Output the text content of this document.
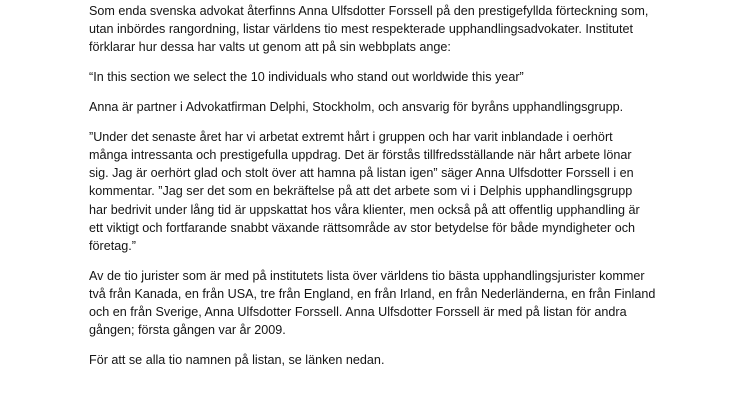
Som enda svenska advokat återfinns Anna Ulfsdotter Forssell på den prestigefyllda förteckning som,
utan inbördes rangordning, listar världens tio mest respekterade upphandlingsadvokater. Institutet
förklarar hur dessa har valts ut genom att på sin webbplats ange:

“In this section we select the 10 individuals who stand out worldwide this year”

Anna är partner i Advokatfirman Delphi, Stockholm, och ansvarig för byråns upphandlingsgrupp.

”Under det senaste året har vi arbetat extremt hårt i gruppen och har varit inblandade i oerhört
många intressanta och prestigefulla uppdrag. Det är förstås tillfredsställande när hårt arbete lönar
sig. Jag är oerhört glad och stolt över att hamna på listan igen” säger Anna Ulfsdotter Forssell i en
kommentar. ”Jag ser det som en bekräftelse på att det arbete som vi i Delphis upphandlingsgrupp
har bedrivit under lång tid är uppskattat hos våra klienter, men också på att offentlig upphandling är
ett viktigt och fortfarande snabbt växande rättsområde av stor betydelse för både myndigheter och
företag.”

Av de tio jurister som är med på institutets lista över världens tio bästa upphandlingsjurister kommer
två från Kanada, en från USA, tre från England, en från Irland, en från Nederländerna, en från Finland
och en från Sverige, Anna Ulfsdotter Forssell. Anna Ulfsdotter Forssell är med på listan för andra
gången; första gången var år 2009.

För att se alla tio namnen på listan, se länken nedan.
